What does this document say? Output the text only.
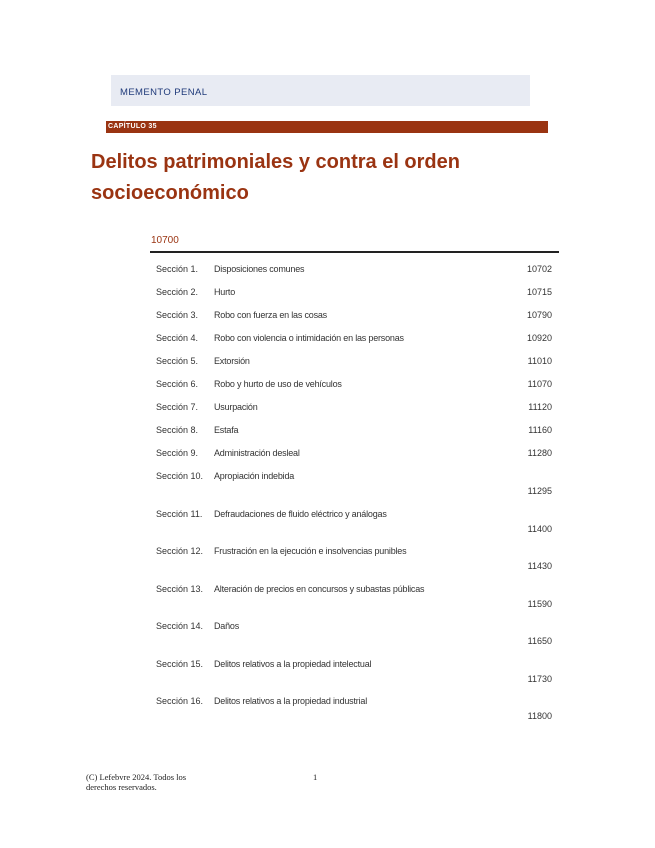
MEMENTO PENAL
CAPÍTULO 35
Delitos patrimoniales y contra el orden socioeconómico
10700
Sección 1.	Disposiciones comunes	10702
Sección 2.	Hurto	10715
Sección 3.	Robo con fuerza en las cosas	10790
Sección 4.	Robo con violencia o intimidación en las personas	10920
Sección 5.	Extorsión	11010
Sección 6.	Robo y hurto de uso de vehículos	11070
Sección 7.	Usurpación	11120
Sección 8.	Estafa	11160
Sección 9.	Administración desleal	11280
Sección 10.	Apropiación indebida
11295
Sección 11.	Defraudaciones de fluido eléctrico y análogas
11400
Sección 12.	Frustración en la ejecución e insolvencias punibles
11430
Sección 13.	Alteración de precios en concursos y subastas públicas
11590
Sección 14.	Daños
11650
Sección 15.	Delitos relativos a la propiedad intelectual
11730
Sección 16.	Delitos relativos a la propiedad industrial
11800
(C) Lefebvre 2024. Todos los derechos reservados.
1
